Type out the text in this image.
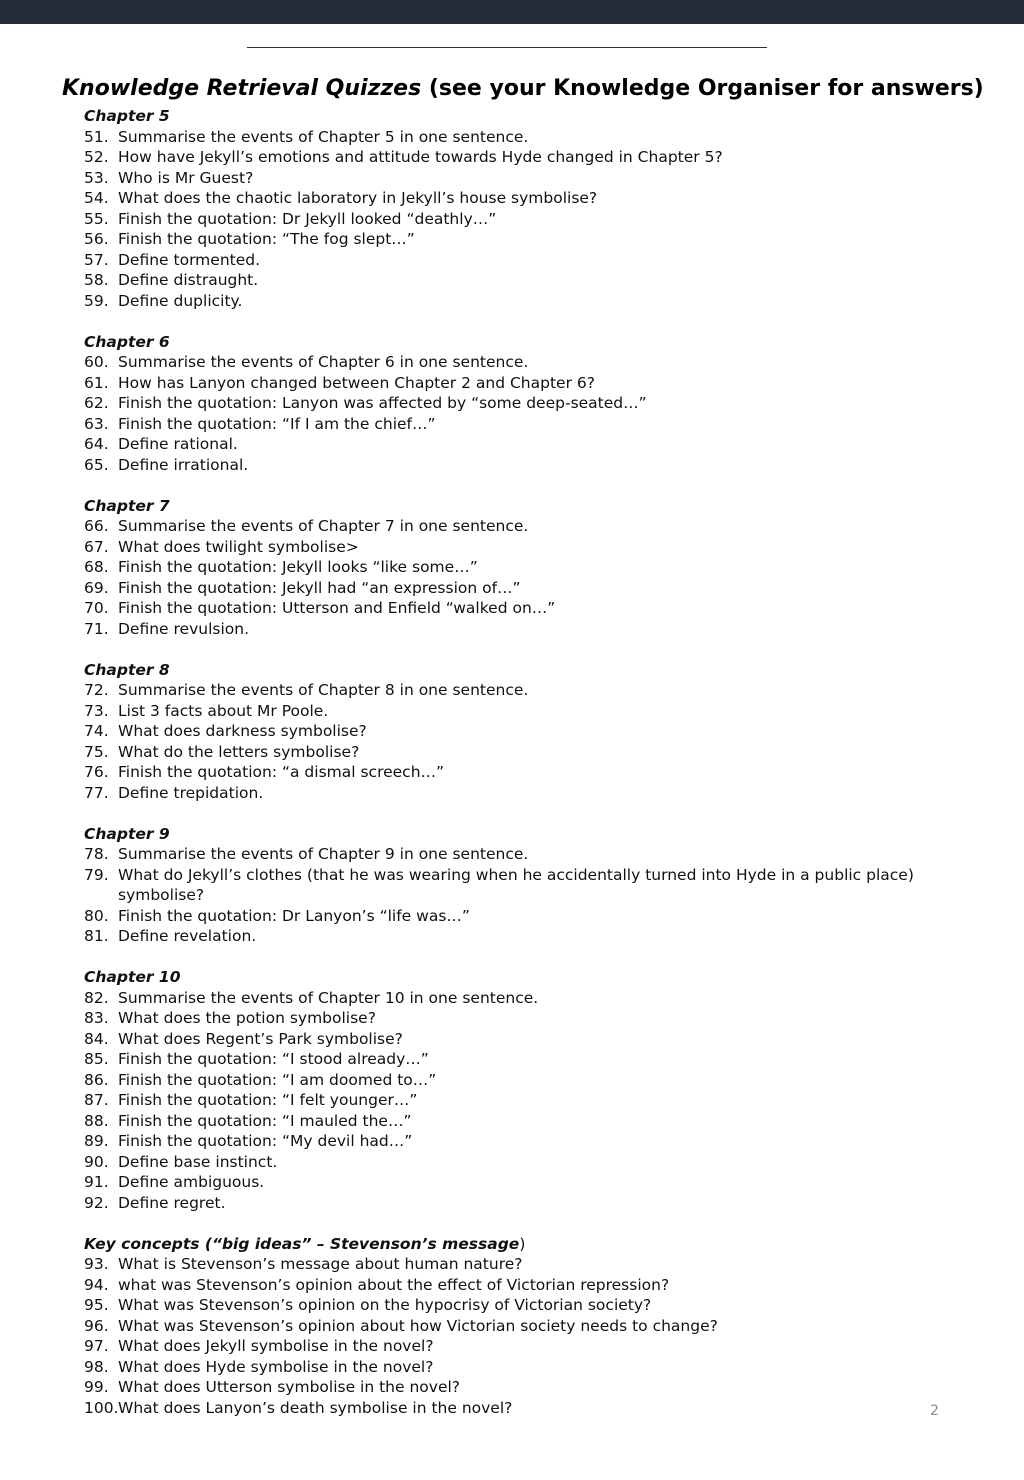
Knowledge Retrieval Quizzes (see your Knowledge Organiser for answers)
Chapter 5
51. Summarise the events of Chapter 5 in one sentence.
52. How have Jekyll’s emotions and attitude towards Hyde changed in Chapter 5?
53. Who is Mr Guest?
54. What does the chaotic laboratory in Jekyll’s house symbolise?
55. Finish the quotation: Dr Jekyll looked “deathly…”
56. Finish the quotation: “The fog slept…”
57. Define tormented.
58. Define distraught.
59. Define duplicity.
Chapter 6
60. Summarise the events of Chapter 6 in one sentence.
61. How has Lanyon changed between Chapter 2 and Chapter 6?
62. Finish the quotation: Lanyon was affected by “some deep-seated…”
63. Finish the quotation: “If I am the chief…”
64. Define rational.
65. Define irrational.
Chapter 7
66. Summarise the events of Chapter 7 in one sentence.
67. What does twilight symbolise>
68. Finish the quotation: Jekyll looks “like some…”
69. Finish the quotation: Jekyll had “an expression of…”
70. Finish the quotation: Utterson and Enfield “walked on…”
71. Define revulsion.
Chapter 8
72. Summarise the events of Chapter 8 in one sentence.
73. List 3 facts about Mr Poole.
74. What does darkness symbolise?
75. What do the letters symbolise?
76. Finish the quotation: “a dismal screech…”
77. Define trepidation.
Chapter 9
78. Summarise the events of Chapter 9 in one sentence.
79. What do Jekyll’s clothes (that he was wearing when he accidentally turned into Hyde in a public place) symbolise?
80. Finish the quotation: Dr Lanyon’s “life was…”
81. Define revelation.
Chapter 10
82. Summarise the events of Chapter 10 in one sentence.
83. What does the potion symbolise?
84. What does Regent’s Park symbolise?
85. Finish the quotation: “I stood already…”
86. Finish the quotation: “I am doomed to…”
87. Finish the quotation: “I felt younger…”
88. Finish the quotation: “I mauled the…”
89. Finish the quotation: “My devil had…”
90. Define base instinct.
91. Define ambiguous.
92. Define regret.
Key concepts (“big ideas” – Stevenson’s message)
93. What is Stevenson’s message about human nature?
94. what was Stevenson’s opinion about the effect of Victorian repression?
95. What was Stevenson’s opinion on the hypocrisy of Victorian society?
96. What was Stevenson’s opinion about how Victorian society needs to change?
97. What does Jekyll symbolise in the novel?
98. What does Hyde symbolise in the novel?
99. What does Utterson symbolise in the novel?
100. What does Lanyon’s death symbolise in the novel?	2
